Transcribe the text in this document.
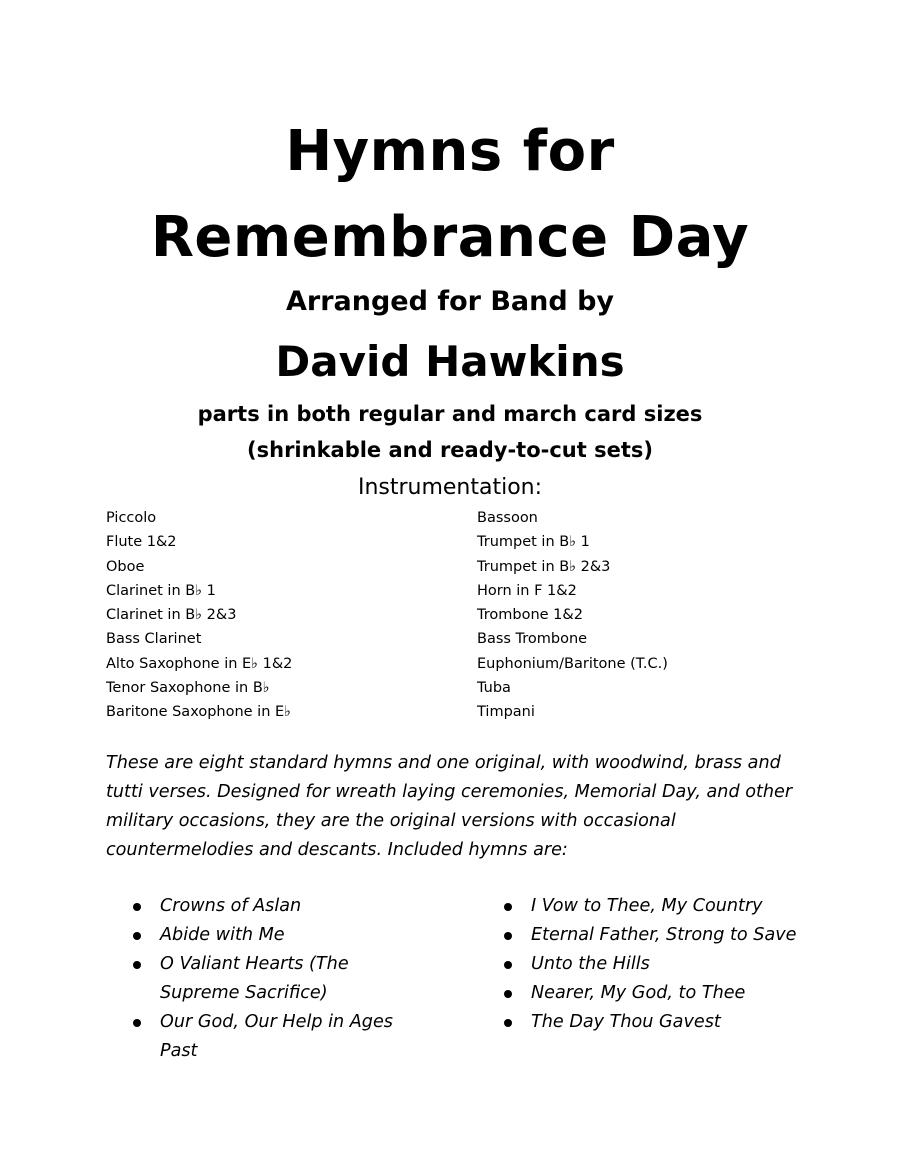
Hymns for
Remembrance Day
Arranged for Band by
David Hawkins
parts in both regular and march card sizes
(shrinkable and ready-to-cut sets)
Instrumentation:
Piccolo
Flute 1&2
Oboe
Clarinet in B♭ 1
Clarinet in B♭ 2&3
Bass Clarinet
Alto Saxophone in E♭ 1&2
Tenor Saxophone in B♭
Baritone Saxophone in E♭
Bassoon
Trumpet in B♭ 1
Trumpet in B♭ 2&3
Horn in F 1&2
Trombone 1&2
Bass Trombone
Euphonium/Baritone (T.C.)
Tuba
Timpani
These are eight standard hymns and one original, with woodwind, brass and tutti verses. Designed for wreath laying ceremonies, Memorial Day, and other military occasions, they are the original versions with occasional countermelodies and descants. Included hymns are:
Crowns of Aslan
Abide with Me
O Valiant Hearts (The Supreme Sacrifice)
Our God, Our Help in Ages Past
I Vow to Thee, My Country
Eternal Father, Strong to Save
Unto the Hills
Nearer, My God, to Thee
The Day Thou Gavest
